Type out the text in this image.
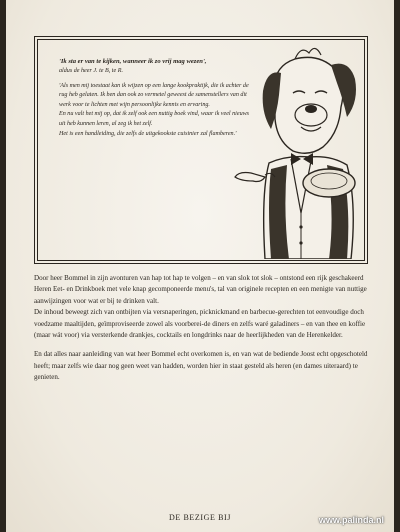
'Ik sta er van te kijken, wanneer ik zo vrij mag wezen',
aldus de heer J. te B, te R.

'Als men mij toestaat kan ik wijzen op een lange kookpraktijk, die ik achter de rug heb gelaten. Ik ben dan ook zo vermetel geweest de samenstellers van dit werk voor te lichten met wijn persoonlijke kennis en ervaring.

En nu valt het mij op, dat ik zelf ook een nuttig boek vind, waar ik veel nieuws uit heb kunnen leren, al zeg ik het zelf.

Het is een handleiding, die zelfs de uitgekookste cuisinier zal flamberen.'

Door heer Bommel in zijn avonturen van hap tot hap te volgen – en van slok tot slok – ontstond een rijk geschakeerd Heren Eet- en Drinkboek met vele knap gecomponeerde menu's, tal van originele recepten en een menigte van nuttige aanwijzingen voor wat er bij te drinken valt.

De inhoud beweegt zich van ontbijten via versnaperingen, picknickmand en barbecue-gerechten tot eenvoudige doch voedzame maaltijden, geïmproviseerde zowel als voorberei-de diners en zelfs waré galadiners – en van thee en koffie (maar wát voor) via versterkende drankjes, cocktails en longdrinks naar de heerlijkheden van de Herenkelder.

En dat alles naar aanleiding van wat heer Bommel echt overkomen is, en van wat de bediende Joost echt opgeschoteld heeft; maar zelfs wie daar nog geen weet van hadden, worden hier in staat gesteld als heren (en dames uiteraard) te genieten.

DE BEZIGE BIJ	www.palinda.nl
